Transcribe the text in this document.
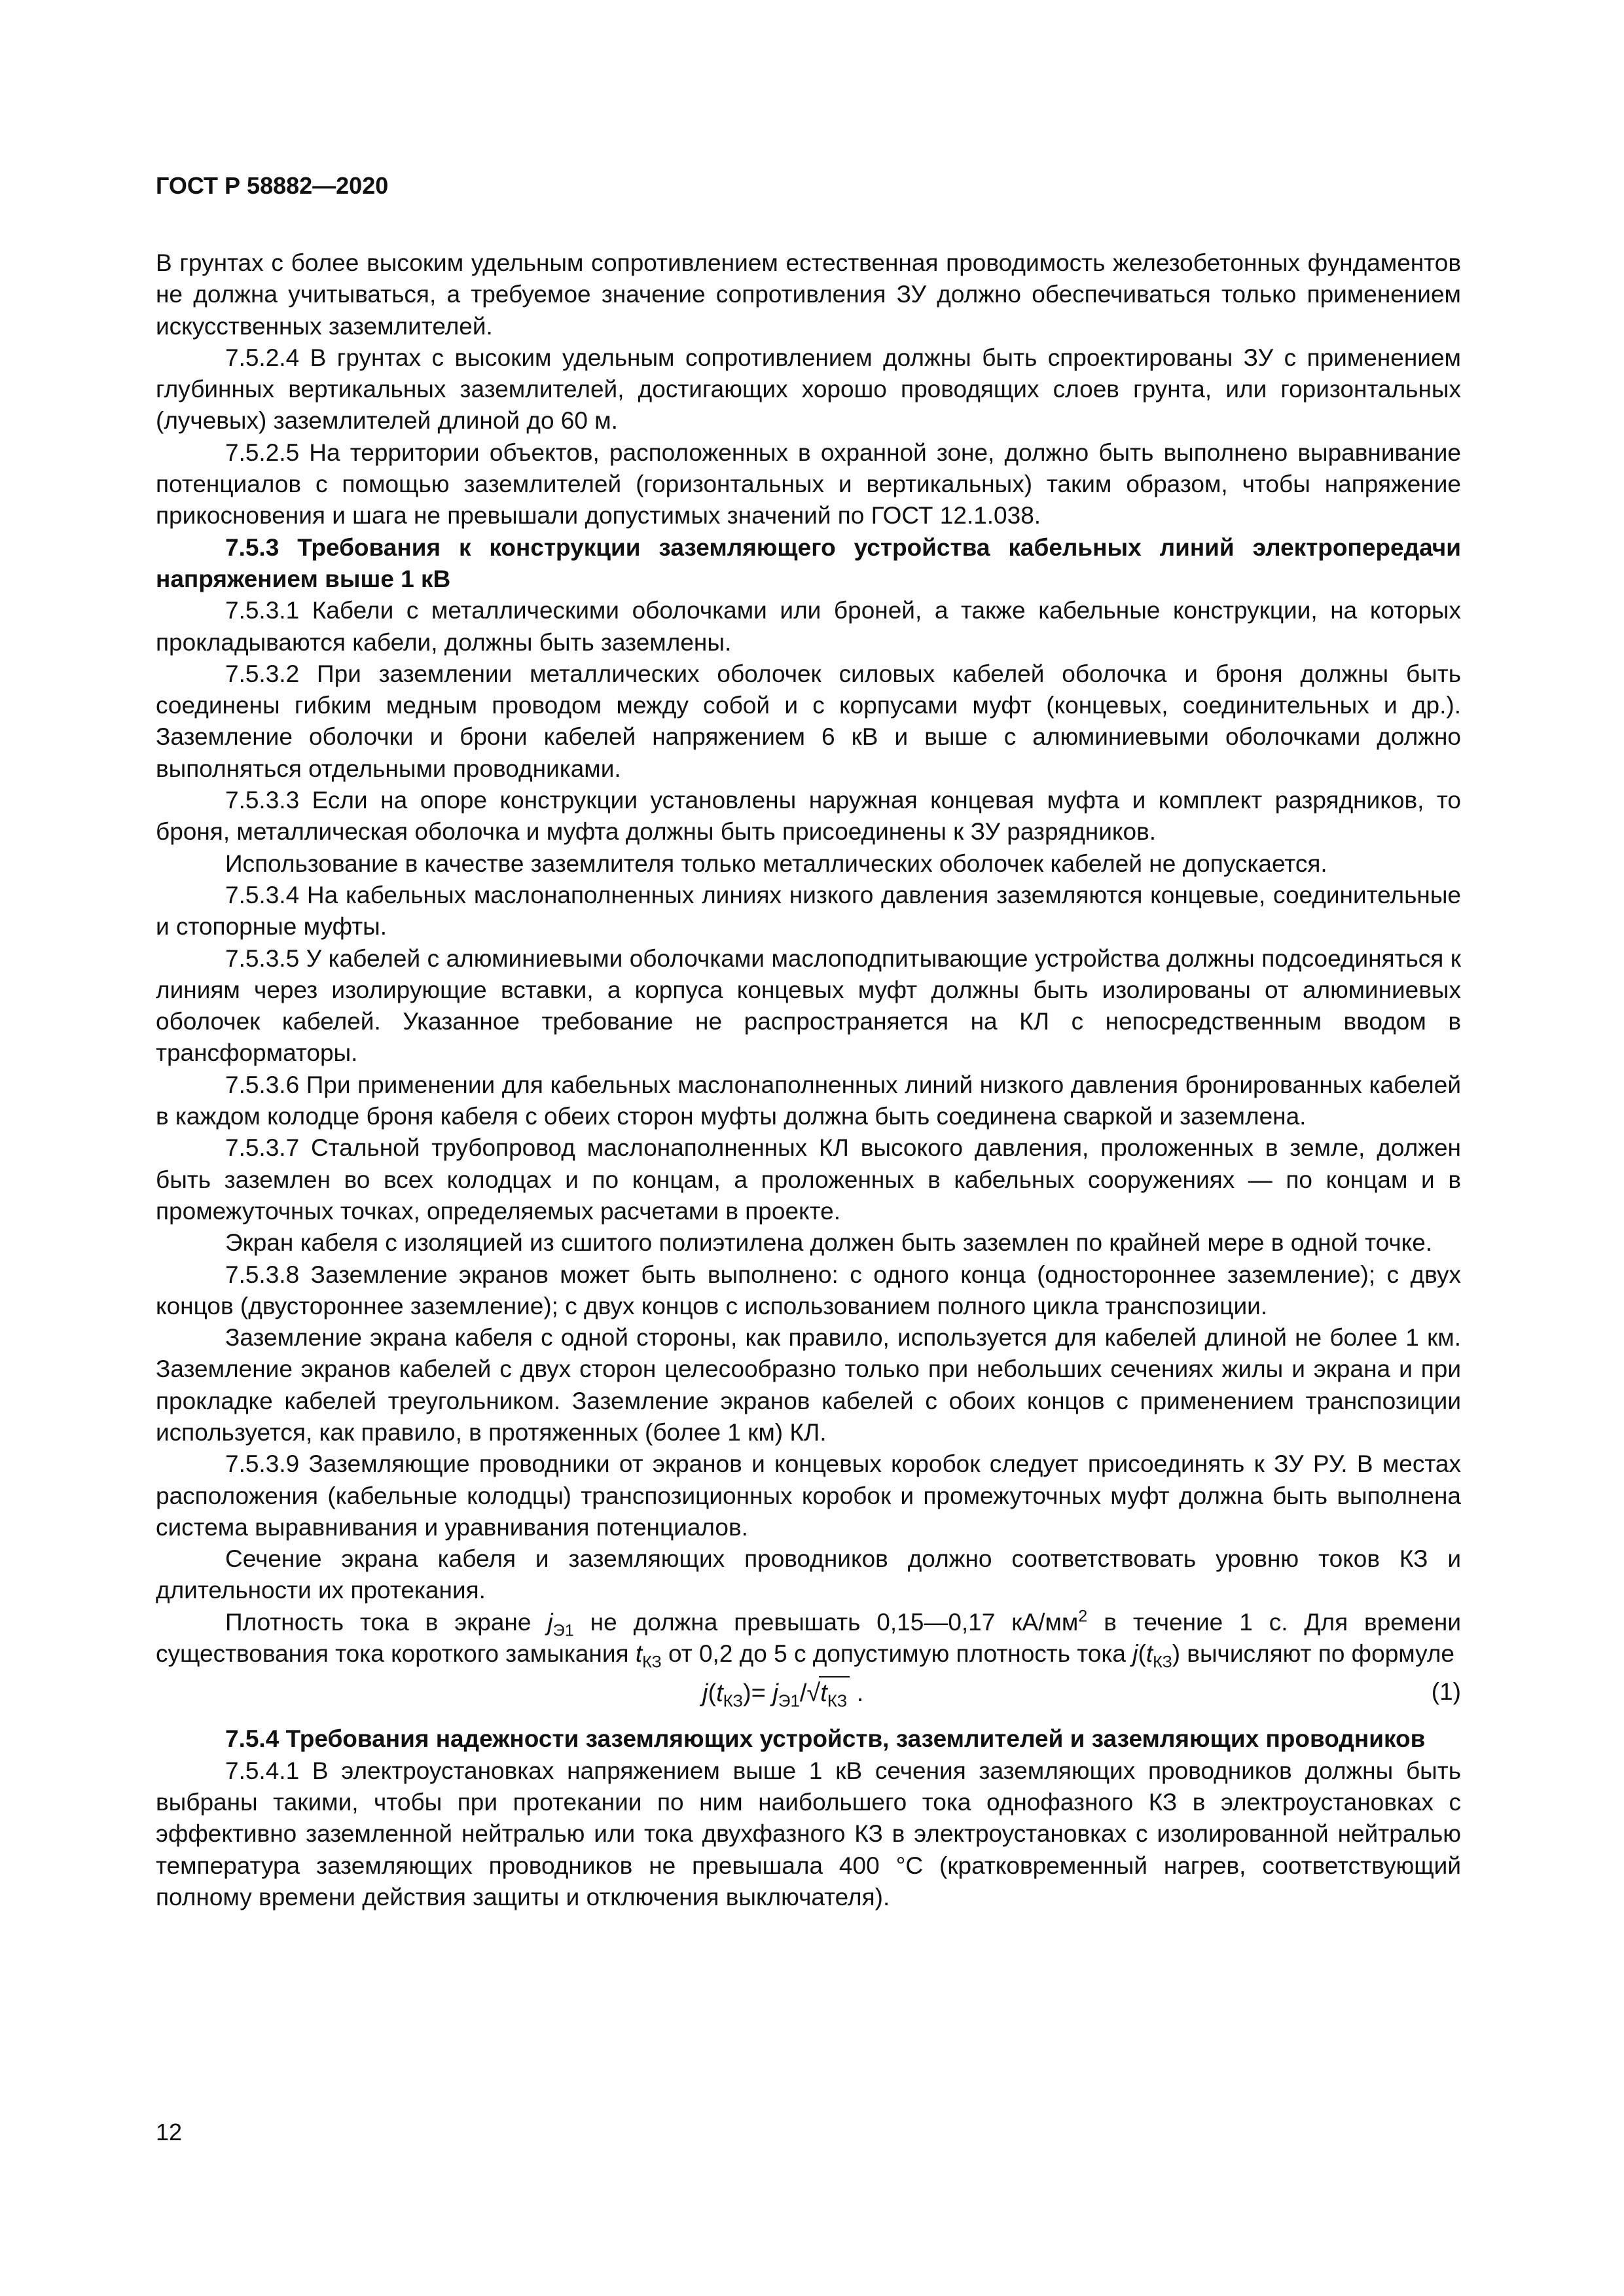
ГОСТ Р 58882—2020

В грунтах с более высоким удельным сопротивлением естественная проводимость железобетонных фундаментов не должна учитываться, а требуемое значение сопротивления ЗУ должно обеспечиваться только применением искусственных заземлителей.

7.5.2.4 В грунтах с высоким удельным сопротивлением должны быть спроектированы ЗУ с применением глубинных вертикальных заземлителей, достигающих хорошо проводящих слоев грунта, или горизонтальных (лучевых) заземлителей длиной до 60 м.

7.5.2.5 На территории объектов, расположенных в охранной зоне, должно быть выполнено выравнивание потенциалов с помощью заземлителей (горизонтальных и вертикальных) таким образом, чтобы напряжение прикосновения и шага не превышали допустимых значений по ГОСТ 12.1.038.

7.5.3 Требования к конструкции заземляющего устройства кабельных линий электропередачи напряжением выше 1 кВ

7.5.3.1 Кабели с металлическими оболочками или броней, а также кабельные конструкции, на которых прокладываются кабели, должны быть заземлены.

7.5.3.2 При заземлении металлических оболочек силовых кабелей оболочка и броня должны быть соединены гибким медным проводом между собой и с корпусами муфт (концевых, соединительных и др.). Заземление оболочки и брони кабелей напряжением 6 кВ и выше с алюминиевыми оболочками должно выполняться отдельными проводниками.

7.5.3.3 Если на опоре конструкции установлены наружная концевая муфта и комплект разрядников, то броня, металлическая оболочка и муфта должны быть присоединены к ЗУ разрядников.

Использование в качестве заземлителя только металлических оболочек кабелей не допускается.

7.5.3.4 На кабельных маслонаполненных линиях низкого давления заземляются концевые, соединительные и стопорные муфты.

7.5.3.5 У кабелей с алюминиевыми оболочками маслоподпитывающие устройства должны подсоединяться к линиям через изолирующие вставки, а корпуса концевых муфт должны быть изолированы от алюминиевых оболочек кабелей. Указанное требование не распространяется на КЛ с непосредственным вводом в трансформаторы.

7.5.3.6 При применении для кабельных маслонаполненных линий низкого давления бронированных кабелей в каждом колодце броня кабеля с обеих сторон муфты должна быть соединена сваркой и заземлена.

7.5.3.7 Стальной трубопровод маслонаполненных КЛ высокого давления, проложенных в земле, должен быть заземлен во всех колодцах и по концам, а проложенных в кабельных сооружениях — по концам и в промежуточных точках, определяемых расчетами в проекте.

Экран кабеля с изоляцией из сшитого полиэтилена должен быть заземлен по крайней мере в одной точке.

7.5.3.8 Заземление экранов может быть выполнено: с одного конца (одностороннее заземление); с двух концов (двустороннее заземление); с двух концов с использованием полного цикла транспозиции.

Заземление экрана кабеля с одной стороны, как правило, используется для кабелей длиной не более 1 км. Заземление экранов кабелей с двух сторон целесообразно только при небольших сечениях жилы и экрана и при прокладке кабелей треугольником. Заземление экранов кабелей с обоих концов с применением транспозиции используется, как правило, в протяженных (более 1 км) КЛ.

7.5.3.9 Заземляющие проводники от экранов и концевых коробок следует присоединять к ЗУ РУ. В местах расположения (кабельные колодцы) транспозиционных коробок и промежуточных муфт должна быть выполнена система выравнивания и уравнивания потенциалов.

Сечение экрана кабеля и заземляющих проводников должно соответствовать уровню токов КЗ и длительности их протекания.

Плотность тока в экране $j_{Э1}$ не должна превышать 0,15—0,17 $кА/мм^2$ в течение 1 с. Для времени существования тока короткого замыкания $t_{КЗ}$ от 0,2 до 5 с допустимую плотность тока $j(t_{КЗ})$ вычисляют по формуле

$j(t_{КЗ})= j_{Э1}/√t_{КЗ}$ .	(1)

7.5.4 Требования надежности заземляющих устройств, заземлителей и заземляющих проводников

7.5.4.1 В электроустановках напряжением выше 1 кВ сечения заземляющих проводников должны быть выбраны такими, чтобы при протекании по ним наибольшего тока однофазного КЗ в электроустановках с эффективно заземленной нейтралью или тока двухфазного КЗ в электроустановках с изолированной нейтралью температура заземляющих проводников не превышала 400 °С (кратковременный нагрев, соответствующий полному времени действия защиты и отключения выключателя).

12
